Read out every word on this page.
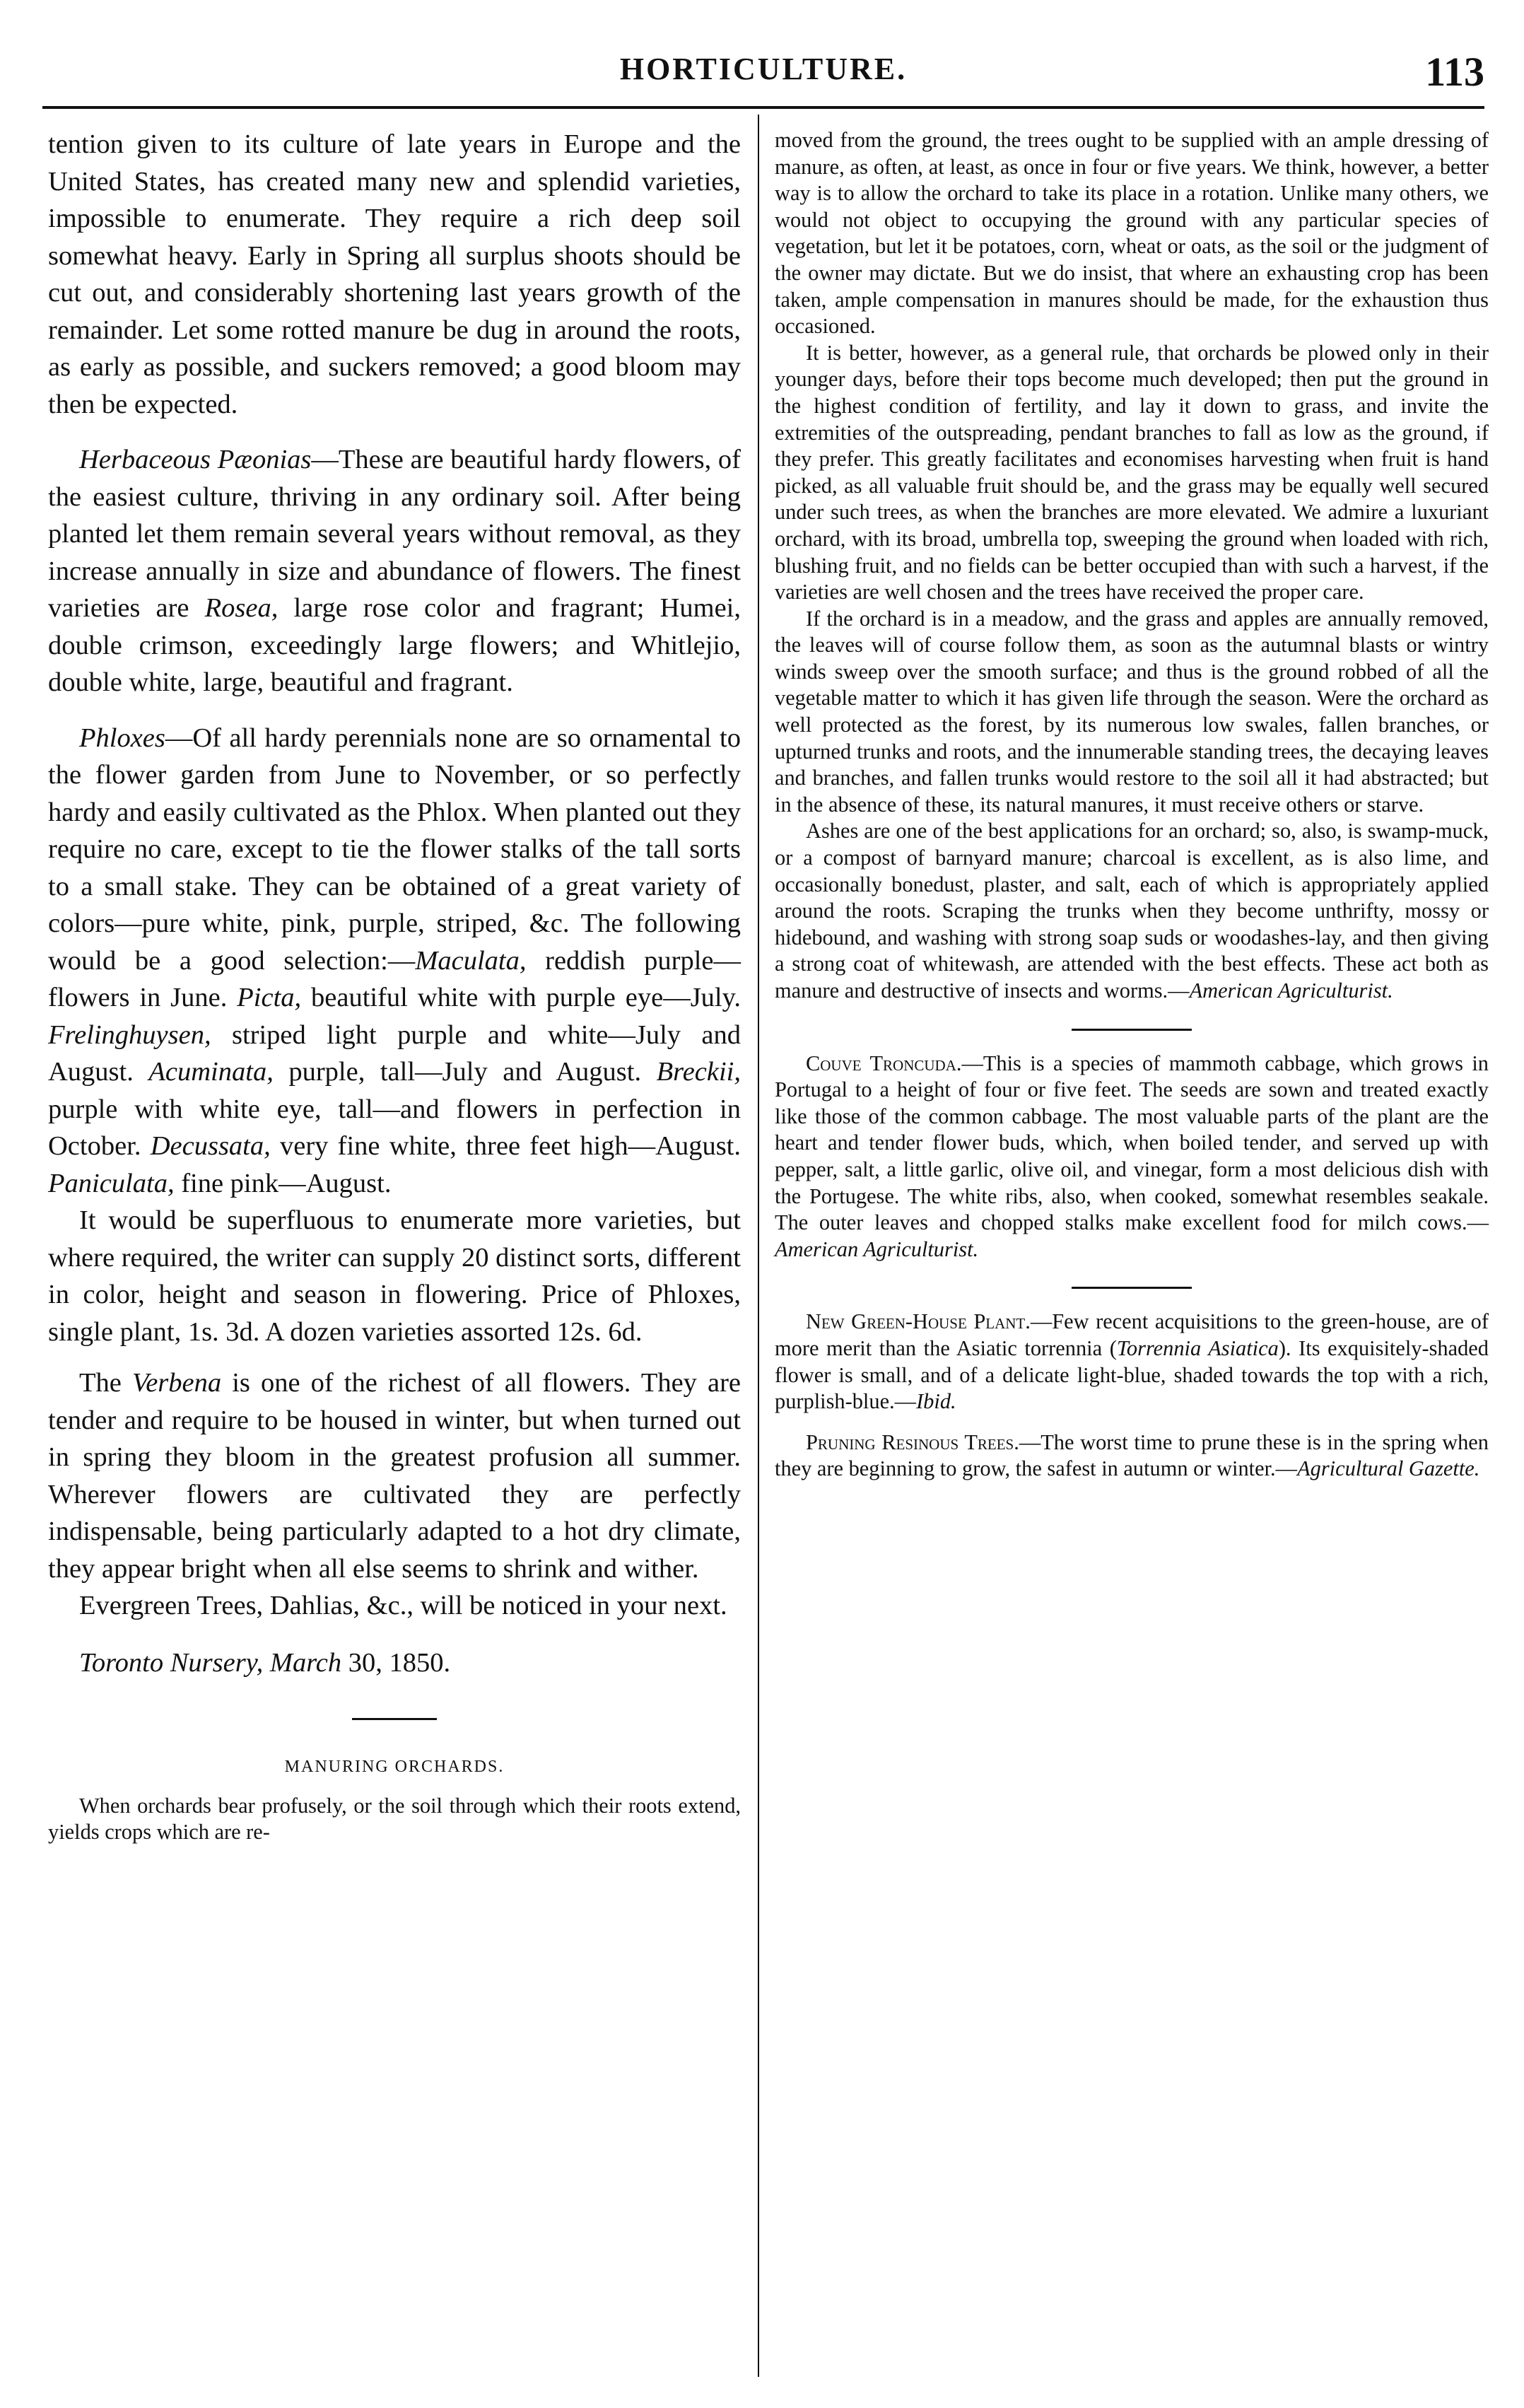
HORTICULTURE.	113

tention given to its culture of late years in Europe and the United States, has created many new and splendid varieties, impossible to enumerate. They require a rich deep soil somewhat heavy. Early in Spring all surplus shoots should be cut out, and considerably shortening last years growth of the remainder. Let some rotted manure be dug in around the roots, as early as possible, and suckers removed; a good bloom may then be expected.

Herbaceous Pæonias—These are beautiful hardy flowers, of the easiest culture, thriving in any ordinary soil. After being planted let them remain several years without removal, as they increase annually in size and abundance of flowers. The finest varieties are Rosea, large rose color and fragrant; Humei, double crimson, exceedingly large flowers; and Whitlejio, double white, large, beautiful and fragrant.

Phloxes—Of all hardy perennials none are so ornamental to the flower garden from June to November, or so perfectly hardy and easily cultivated as the Phlox. When planted out they require no care, except to tie the flower stalks of the tall sorts to a small stake. They can be obtained of a great variety of colors—pure white, pink, purple, striped, &c. The following would be a good selection:—Maculata, reddish purple—flowers in June. Picta, beautiful white with purple eye—July. Frelinghuysen, striped light purple and white—July and August. Acuminata, purple, tall—July and August. Breckii, purple with white eye, tall—and flowers in perfection in October. Decussata, very fine white, three feet high—August. Paniculata, fine pink—August.

It would be superfluous to enumerate more varieties, but where required, the writer can supply 20 distinct sorts, different in color, height and season in flowering. Price of Phloxes, single plant, 1s. 3d. A dozen varieties assorted 12s. 6d.

The Verbena is one of the richest of all flowers. They are tender and require to be housed in winter, but when turned out in spring they bloom in the greatest profusion all summer. Wherever flowers are cultivated they are perfectly indispensable, being particularly adapted to a hot dry climate, they appear bright when all else seems to shrink and wither.

Evergreen Trees, Dahlias, &c., will be noticed in your next.

Toronto Nursery, March 30, 1850.

MANURING ORCHARDS.

When orchards bear profusely, or the soil through which their roots extend, yields crops which are re-

moved from the ground, the trees ought to be supplied with an ample dressing of manure, as often, at least, as once in four or five years. We think, however, a better way is to allow the orchard to take its place in a rotation. Unlike many others, we would not object to occupying the ground with any particular species of vegetation, but let it be potatoes, corn, wheat or oats, as the soil or the judgment of the owner may dictate. But we do insist, that where an exhausting crop has been taken, ample compensation in manures should be made, for the exhaustion thus occasioned.

It is better, however, as a general rule, that orchards be plowed only in their younger days, before their tops become much developed; then put the ground in the highest condition of fertility, and lay it down to grass, and invite the extremities of the outspreading, pendant branches to fall as low as the ground, if they prefer. This greatly facilitates and economises harvesting when fruit is hand picked, as all valuable fruit should be, and the grass may be equally well secured under such trees, as when the branches are more elevated. We admire a luxuriant orchard, with its broad, umbrella top, sweeping the ground when loaded with rich, blushing fruit, and no fields can be better occupied than with such a harvest, if the varieties are well chosen and the trees have received the proper care.

If the orchard is in a meadow, and the grass and apples are annually removed, the leaves will of course follow them, as soon as the autumnal blasts or wintry winds sweep over the smooth surface; and thus is the ground robbed of all the vegetable matter to which it has given life through the season. Were the orchard as well protected as the forest, by its numerous low swales, fallen branches, or upturned trunks and roots, and the innumerable standing trees, the decaying leaves and branches, and fallen trunks would restore to the soil all it had abstracted; but in the absence of these, its natural manures, it must receive others or starve.

Ashes are one of the best applications for an orchard; so, also, is swamp-muck, or a compost of barnyard manure; charcoal is excellent, as is also lime, and occasionally bonedust, plaster, and salt, each of which is appropriately applied around the roots. Scraping the trunks when they become unthrifty, mossy or hidebound, and washing with strong soap suds or woodashes-lay, and then giving a strong coat of whitewash, are attended with the best effects. These act both as manure and destructive of insects and worms.—American Agriculturist.

Couve Troncuda.—This is a species of mammoth cabbage, which grows in Portugal to a height of four or five feet. The seeds are sown and treated exactly like those of the common cabbage. The most valuable parts of the plant are the heart and tender flower buds, which, when boiled tender, and served up with pepper, salt, a little garlic, olive oil, and vinegar, form a most delicious dish with the Portugese. The white ribs, also, when cooked, somewhat resembles seakale. The outer leaves and chopped stalks make excellent food for milch cows.—American Agriculturist.

New Green-House Plant.—Few recent acquisitions to the green-house, are of more merit than the Asiatic torrennia (Torrennia Asiatica). Its exquisitely-shaded flower is small, and of a delicate light-blue, shaded towards the top with a rich, purplish-blue.—Ibid.

Pruning Resinous Trees.—The worst time to prune these is in the spring when they are beginning to grow, the safest in autumn or winter.—Agricultural Gazette.
